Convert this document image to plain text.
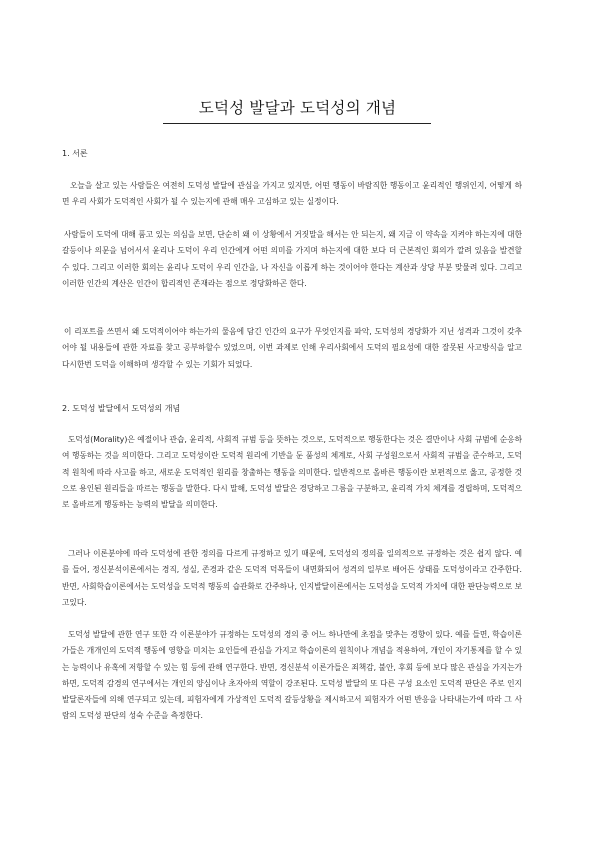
도덕성 발달과 도덕성의 개념
1. 서론

오늘을 살고 있는 사람들은 여전히 도덕성 발달에 관심을 가지고 있지만, 어떤 행동이 바람직한 행동이고 윤리적인 행위인지, 어떻게 하면 우리 사회가 도덕적인 사회가 될 수 있는지에 관해 매우 고심하고 있는 실정이다.

사람들이 도덕에 대해 품고 있는 의심을 보면, 단순히 왜 이 상황에서 거짓말을 해서는 안 되는지, 왜 지금 이 약속을 지켜야 하는지에 대한 갈등이나 의문을 넘어서서 윤리나 도덕이 우리 인간에게 어떤 의미를 가지며 하는지에 대한 보다 더 근본적인 회의가 깔려 있음을 발견할 수 있다. 그리고 이러한 회의는 윤리나 도덕이 우리 인간을, 나 자신을 이롭게 하는 것이어야 한다는 계산과 상당 부분 맞물려 있다. 그리고 이러한 인간의 계산은 인간이 합리적인 존재라는 점으로 정당화하곤 한다.

이 리포트를 쓰면서 왜 도덕적이어야 하는가의 물음에 담긴 인간의 요구가 무엇인지를 파악, 도덕성의 경당화가 지닌 성격과 그것이 갖추어야 될 내용들에 관한 자료를 찾고 공부하할수 있었으며, 이번 과제로 인해 우리사회에서 도덕의 필요성에 대한 잘못된 사고방식을 알고 다시한번 도덕을 이해하며 생각할 수 있는 기회가 되었다.

2. 도덕성 발달에서 도덕성의 개념

도덕성(Morality)은 예절이나 관습, 윤리적, 사회적 규범 등을 뜻하는 것으로, 도덕적으로 행동한다는 것은 결만이나 사회 규범에 순응하여 행동하는 것을 의미한다. 그리고 도덕성이란 도덕적 원리에 기반을 둔 품성의 체계로, 사회 구성원으로서 사회적 규범을 준수하고, 도덕적 원칙에 따라 사고를 하고, 새로운 도덕적인 원리를 창출하는 행동을 의미한다. 일반적으로 올바른 행동이란 보편적으로 옳고, 공정한 것으로 용인된 원리들을 따르는 행동을 말한다. 다시 말해, 도덕성 발달은 경당하고 그름을 구분하고, 윤리적 가치 체계를 경립하며, 도덕적으로 올바르게 행동하는 능력의 발달을 의미한다.

그러나 이론분야에 따라 도덕성에 관한 정의를 다르게 규정하고 있기 때문에, 도덕성의 정의를 일의적으로 규정하는 것은 쉽지 않다. 예를 들어, 정신분석이론에서는 경직, 성실, 존경과 같은 도덕적 덕목들이 내면화되어 성격의 일부로 배어든 상태를 도덕성이라고 간주한다. 반면, 사회학습이론에서는 도덕성을 도덕적 행동의 습관화로 간주하나, 인지발달이론에서는 도덕성을 도덕적 가치에 대한 판단능력으로 보고있다.

도덕성 발달에 관한 연구 또한 각 이론분야가 규정하는 도덕성의 경의 중 어느 하나만에 초점을 맞추는 경향이 있다. 예를 들면, 학습이론가들은 개개인의 도덕적 행동에 영향을 미치는 요인들에 관심을 가지고 학습이론의 원칙이나 개념을 적용하여, 개인이 자기통제를 할 수 있는 능력이나 유혹에 저항할 수 있는 힘 등에 관해 연구한다. 반면, 경신분석 이론가들은 죄책감, 불안, 후회 등에 보다 많은 관심을 가지는가 하면, 도덕적 감경의 연구에서는 개인의 양심이나 초자아의 역할이 강조된다. 도덕성 발달의 또 다른 구성 요소인 도덕적 판단은 주로 인지발달론자들에 의해 연구되고 있는데, 피험자에게 가상적인 도덕적 갈등상황을 제시하고서 피험자가 어떤 반응을 나타내는가에 따라 그 사람의 도덕성 판단의 성숙 수준을 측정한다.
